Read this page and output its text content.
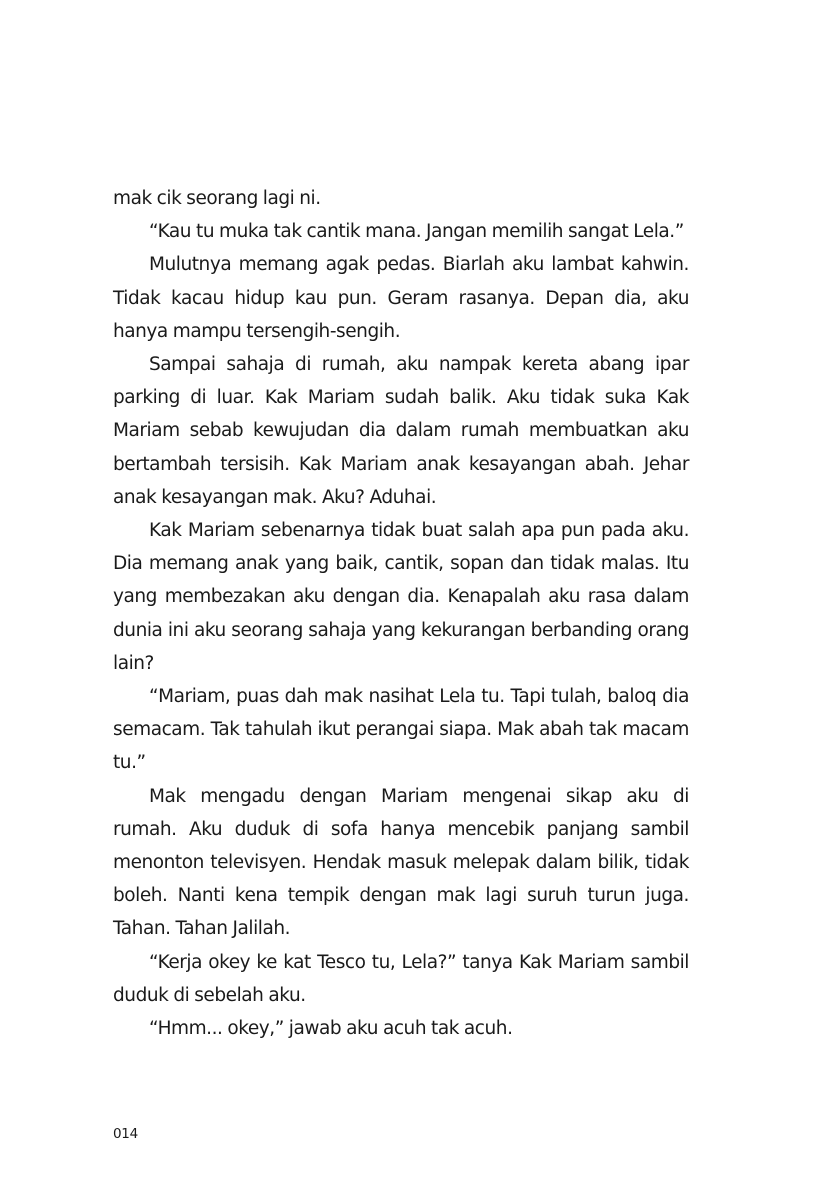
mak cik seorang lagi ni.

“Kau tu muka tak cantik mana. Jangan memilih sangat Lela.”

Mulutnya memang agak pedas. Biarlah aku lambat kahwin. Tidak kacau hidup kau pun. Geram rasanya. Depan dia, aku hanya mampu tersengih-sengih.

Sampai sahaja di rumah, aku nampak kereta abang ipar parking di luar. Kak Mariam sudah balik. Aku tidak suka Kak Mariam sebab kewujudan dia dalam rumah membuatkan aku bertambah tersisih. Kak Mariam anak kesayangan abah. Jehar anak kesayangan mak. Aku? Aduhai.

Kak Mariam sebenarnya tidak buat salah apa pun pada aku. Dia memang anak yang baik, cantik, sopan dan tidak malas. Itu yang membezakan aku dengan dia. Kenapalah aku rasa dalam dunia ini aku seorang sahaja yang kekurangan berbanding orang lain?

“Mariam, puas dah mak nasihat Lela tu. Tapi tulah, baloq dia semacam. Tak tahulah ikut perangai siapa. Mak abah tak macam tu.”

Mak mengadu dengan Mariam mengenai sikap aku di rumah. Aku duduk di sofa hanya mencebik panjang sambil menonton televisyen. Hendak masuk melepak dalam bilik, tidak boleh. Nanti kena tempik dengan mak lagi suruh turun juga. Tahan. Tahan Jalilah.

“Kerja okey ke kat Tesco tu, Lela?” tanya Kak Mariam sambil duduk di sebelah aku.

“Hmm... okey,” jawab aku acuh tak acuh.

014
